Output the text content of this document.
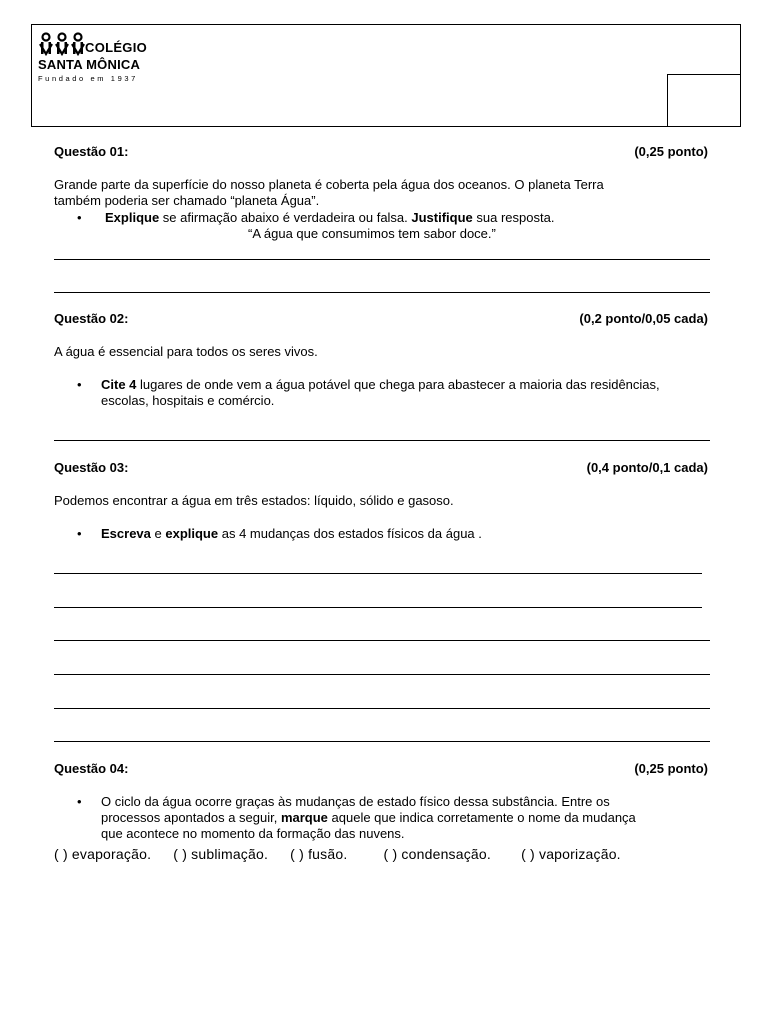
COLÉGIO
SANTA MÔNICA
Fundado em 1937
Questão 01:	(0,25 ponto)
Grande parte da superfície do nosso planeta é coberta pela água dos oceanos. O planeta Terra
também poderia ser chamado “planeta Água”.
• Explique se afirmação abaixo é verdadeira ou falsa. Justifique sua resposta.
“A água que consumimos tem sabor doce.”
Questão 02:	(0,2 ponto/0,05 cada)
A água é essencial para todos os seres vivos.
• Cite 4 lugares de onde vem a água potável que chega para abastecer a maioria das residências,
escolas, hospitais e comércio.
Questão 03:	(0,4 ponto/0,1 cada)
Podemos encontrar a água em três estados: líquido, sólido e gasoso.
• Escreva e explique as 4 mudanças dos estados físicos da água .
Questão 04:	(0,25 ponto)
• O ciclo da água ocorre graças às mudanças de estado físico dessa substância. Entre os
processos apontados a seguir, marque aquele que indica corretamente o nome da mudança
que acontece no momento da formação das nuvens.
( ) evaporação. ( ) sublimação. ( ) fusão.	( ) condensação. ( ) vaporização.
